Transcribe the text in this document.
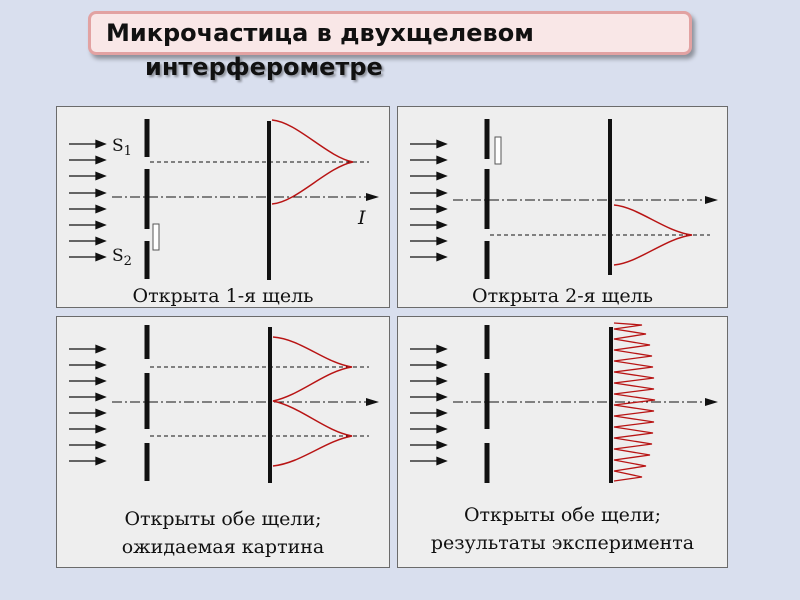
Микрочастица в двухщелевом
интерферометре
$S_1$
$S_2$
I
Открыта 1-я щель	Открыта 2-я щель
Открыты обе щели;
ожидаемая картина
Открыты обе щели;
результаты эксперимента
